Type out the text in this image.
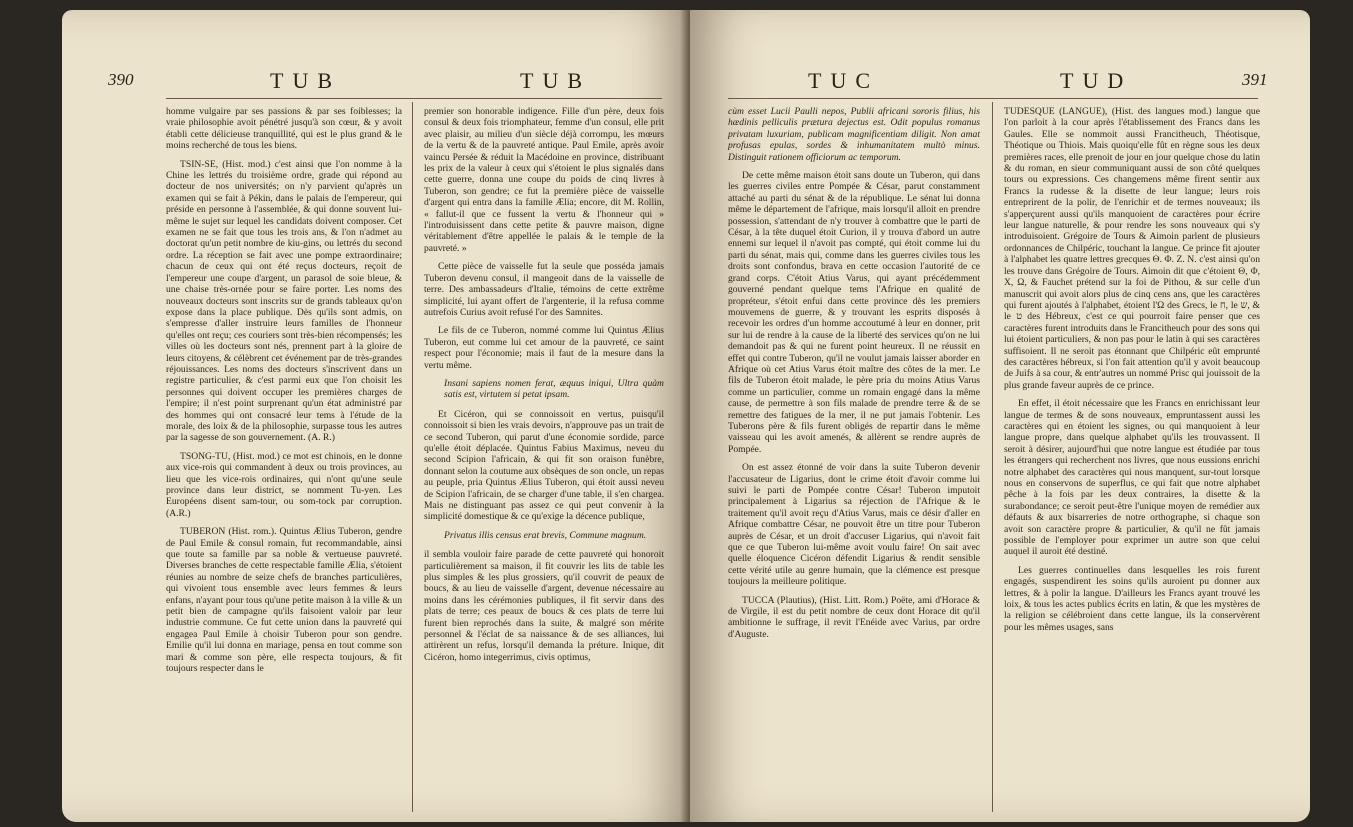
390	TUB	TUB

homme vulgaire par ses passions & par ses foiblesses; la vraie philosophie avoit pénétré jusqu'à son cœur, & y avoit établi cette délicieuse tranquillité, qui est le plus grand & le moins recherché de tous les biens.

TSIN-SE, (Hist. mod.) c'est ainsi que l'on nomme à la Chine les lettrés du troisième ordre, grade qui répond au docteur de nos universités; on n'y parvient qu'après un examen qui se fait à Pékin, dans le palais de l'empereur, qui préside en personne à l'assemblée, & qui donne souvent lui-même le sujet sur lequel les candidats doivent composer. Cet examen ne se fait que tous les trois ans, & l'on n'admet au doctorat qu'un petit nombre de kiu-gins, ou lettrés du second ordre. La réception se fait avec une pompe extraordinaire; chacun de ceux qui ont été reçus docteurs, reçoit de l'empereur une coupe d'argent, un parasol de soie bleue, & une chaise très-ornée pour se faire porter. Les noms des nouveaux docteurs sont inscrits sur de grands tableaux qu'on expose dans la place publique. Dès qu'ils sont admis, on s'empresse d'aller instruire leurs familles de l'honneur qu'elles ont reçu; ces couriers sont très-bien récompensés; les villes où les docteurs sont nés, prennent part à la gloire de leurs citoyens, & célèbrent cet événement par de très-grandes réjouissances. Les noms des docteurs s'inscrivent dans un registre particulier, & c'est parmi eux que l'on choisit les personnes qui doivent occuper les premières charges de l'empire; il n'est point surprenant qu'un état administré par des hommes qui ont consacré leur tems à l'étude de la morale, des loix & de la philosophie, surpasse tous les autres par la sagesse de son gouvernement. (A. R.)

TSONG-TU, (Hist. mod.) ce mot est chinois, en le donne aux vice-rois qui commandent à deux ou trois provinces, au lieu que les vice-rois ordinaires, qui n'ont qu'une seule province dans leur district, se nomment Tu-yen. Les Européens disent sam-tour, ou som-tock par corruption. (A.R.)

TUBERON (Hist. rom.). Quintus Ælius Tuberon, gendre de Paul Emile & consul romain, fut recommandable, ainsi que toute sa famille par sa noble & vertueuse pauvreté. Diverses branches de cette respectable famille Ælia, s'étoient réunies au nombre de seize chefs de branches particulières, qui vivoient tous ensemble avec leurs femmes & leurs enfans, n'ayant pour tous qu'une petite maison à la ville & un petit bien de campagne qu'ils faisoient valoir par leur industrie commune. Ce fut cette union dans la pauvreté qui engagea Paul Emile à choisir Tuberon pour son gendre. Emilie qu'il lui donna en mariage, pensa en tout comme son mari & comme son père, elle respecta toujours, & fit toujours respecter dans le

premier son honorable indigence. Fille d'un père, deux fois consul & deux fois triomphateur, femme d'un consul, elle prit avec plaisir, au milieu d'un siècle déjà corrompu, les mœurs de la vertu & de la pauvreté antique. Paul Emile, après avoir vaincu Persée & réduit la Macédoine en province, distribuant les prix de la valeur à ceux qui s'étoient le plus signalés dans cette guerre, donna une coupe du poids de cinq livres à Tuberon, son gendre; ce fut la première pièce de vaisselle d'argent qui entra dans la famille Ælia; encore, dit M. Rollin, « fallut-il que ce fussent la vertu & l'honneur qui » l'introduisissent dans cette petite & pauvre maison, digne véritablement d'être appellée le palais & le temple de la pauvreté. »

Cette pièce de vaisselle fut la seule que posséda jamais Tuberon devenu consul, il mangeoit dans de la vaisselle de terre. Des ambassadeurs d'Italie, témoins de cette extrême simplicité, lui ayant offert de l'argenterie, il la refusa comme autrefois Curius avoit refusé l'or des Samnites.

Le fils de ce Tuberon, nommé comme lui Quintus Ælius Tuberon, eut comme lui cet amour de la pauvreté, ce saint respect pour l'économie; mais il faut de la mesure dans la vertu même.

Insani sapiens nomen ferat, æquus iniqui, Ultra quàm satis est, virtutem si petat ipsam.

Et Cicéron, qui se connoissoit en vertus, puisqu'il connoissoit si bien les vrais devoirs, n'approuve pas un trait de ce second Tuberon, qui parut d'une économie sordide, parce qu'elle étoit déplacée. Quintus Fabius Maximus, neveu du second Scipion l'africain, & qui fit son oraison funèbre, donnant selon la coutume aux obsèques de son oncle, un repas au peuple, pria Quintus Ælius Tuberon, qui étoit aussi neveu de Scipion l'africain, de se charger d'une table, il s'en chargea. Mais ne distinguant pas assez ce qui peut convenir à la simplicité domestique & ce qu'exige la décence publique,

Privatus illis census erat brevis, Commune magnum.

il sembla vouloir faire parade de cette pauvreté qui honoroit particulièrement sa maison, il fit couvrir les lits de table les plus simples & les plus grossiers, qu'il couvrit de peaux de boucs, & au lieu de vaisselle d'argent, devenue nécessaire au moins dans les cérémonies publiques, il fit servir dans des plats de terre; ces peaux de boucs & ces plats de terre lui furent bien reprochés dans la suite, & malgré son mérite personnel & l'éclat de sa naissance & de ses alliances, lui attirèrent un refus, lorsqu'il demanda la préture. Inique, dit Cicéron, homo integerrimus, civis optimus,

TUC	TUD	391

cùm esset Lucii Paulli nepos, Publii africani sororis filius, his hædinis pelliculis prætura dejectus est. Odit populus romanus privatam luxuriam, publicam magnificentiam diligit. Non amat profusas epulas, sordes & inhumanitatem multò minus. Distinguit rationem officiorum ac temporum.

De cette même maison étoit sans doute un Tuberon, qui dans les guerres civiles entre Pompée & César, parut constamment attaché au parti du sénat & de la république. Le sénat lui donna même le département de l'afrique, mais lorsqu'il alloit en prendre possession, s'attendant de n'y trouver à combattre que le parti de César, à la tête duquel étoit Curion, il y trouva d'abord un autre ennemi sur lequel il n'avoit pas compté, qui étoit comme lui du parti du sénat, mais qui, comme dans les guerres civiles tous les droits sont confondus, brava en cette occasion l'autorité de ce grand corps. C'étoit Atius Varus, qui ayant précédemment gouverné pendant quelque tems l'Afrique en qualité de propréteur, s'étoit enfui dans cette province dès les premiers mouvemens de guerre, & y trouvant les esprits disposés à recevoir les ordres d'un homme accoutumé à leur en donner, prit sur lui de rendre à la cause de la liberté des services qu'on ne lui demandoit pas & qui ne furent point heureux. Il ne réussit en effet qui contre Tuberon, qu'il ne voulut jamais laisser aborder en Afrique où cet Atius Varus étoit maître des côtes de la mer. Le fils de Tuberon étoit malade, le père pria du moins Atius Varus comme un particulier, comme un romain engagé dans la même cause, de permettre à son fils malade de prendre terre & de se remettre des fatigues de la mer, il ne put jamais l'obtenir. Les Tuberons père & fils furent obligés de repartir dans le même vaisseau qui les avoit amenés, & allèrent se rendre auprès de Pompée.

On est assez étonné de voir dans la suite Tuberon devenir l'accusateur de Ligarius, dont le crime étoit d'avoir comme lui suivi le parti de Pompée contre César! Tuberon imputoit principalement à Ligarius sa réjection de l'Afrique & le traitement qu'il avoit reçu d'Atius Varus, mais ce désir d'aller en Afrique combattre César, ne pouvoit être un titre pour Tuberon auprès de César, et un droit d'accuser Ligarius, qui n'avoit fait que ce que Tuberon lui-même avoit voulu faire! On sait avec quelle éloquence Cicéron défendit Ligarius & rendit sensible cette vérité utile au genre humain, que la clémence est presque toujours la meilleure politique.

TUCCA (Plautius), (Hist. Litt. Rom.) Poëte, ami d'Horace & de Virgile, il est du petit nombre de ceux dont Horace dit qu'il ambitionne le suffrage, il revit l'Enéide avec Varius, par ordre d'Auguste.

TUDESQUE (LANGUE), (Hist. des langues mod.) langue que l'on parloit à la cour après l'établissement des Francs dans les Gaules. Elle se nommoit aussi Francitheuch, Théotisque, Théotique ou Thiois. Mais quoiqu'elle fût en règne sous les deux premières races, elle prenoit de jour en jour quelque chose du latin & du roman, en sieur communiquant aussi de son côté quelques tours ou expressions. Ces changemens même firent sentir aux Francs la rudesse & la disette de leur langue; leurs rois entreprirent de la polir, de l'enrichir et de termes nouveaux; ils s'apperçurent aussi qu'ils manquoient de caractères pour écrire leur langue naturelle, & pour rendre les sons nouveaux qui s'y introduisoient. Grégoire de Tours & Aimoin parlent de plusieurs ordonnances de Chilpéric, touchant la langue. Ce prince fit ajouter à l'alphabet les quatre lettres grecques Θ. Φ. Ζ. Ν. c'est ainsi qu'on les trouve dans Grégoire de Tours. Aimoin dit que c'étoient Θ, Φ, Χ, Ω, & Fauchet prétend sur la foi de Pithou, & sur celle d'un manuscrit qui avoit alors plus de cinq cens ans, que les caractères qui furent ajoutés à l'alphabet, étoient l'Ω des Grecs, le ח, le ש, & le ט des Hébreux, c'est ce qui pourroit faire penser que ces caractères furent introduits dans le Francitheuch pour des sons qui lui étoient particuliers, & non pas pour le latin à qui ses caractères suffisoient. Il ne seroit pas étonnant que Chilpéric eût emprunté des caractères hébreux, si l'on fait attention qu'il y avoit beaucoup de Juifs à sa cour, & entr'autres un nommé Prisc qui jouissoit de la plus grande faveur auprès de ce prince.

En effet, il étoit nécessaire que les Francs en enrichissant leur langue de termes & de sons nouveaux, empruntassent aussi les caractères qui en étoient les signes, ou qui manquoient à leur langue propre, dans quelque alphabet qu'ils les trouvassent. Il seroit à désirer, aujourd'hui que notre langue est étudiée par tous les étrangers qui recherchent nos livres, que nous eussions enrichi notre alphabet des caractères qui nous manquent, sur-tout lorsque nous en conservons de superflus, ce qui fait que notre alphabet pêche à la fois par les deux contraires, la disette & la surabondance; ce seroit peut-être l'unique moyen de remédier aux défauts & aux bisarreries de notre orthographe, si chaque son avoit son caractère propre & particulier, & qu'il ne fût jamais possible de l'employer pour exprimer un autre son que celui auquel il auroit été destiné.

Les guerres continuelles dans lesquelles les rois furent engagés, suspendirent les soins qu'ils auroient pu donner aux lettres, & à polir la langue. D'ailleurs les Francs ayant trouvé les loix, & tous les actes publics écrits en latin, & que les mystères de la religion se célébroient dans cette langue, ils la conservèrent pour les mêmes usages, sans
